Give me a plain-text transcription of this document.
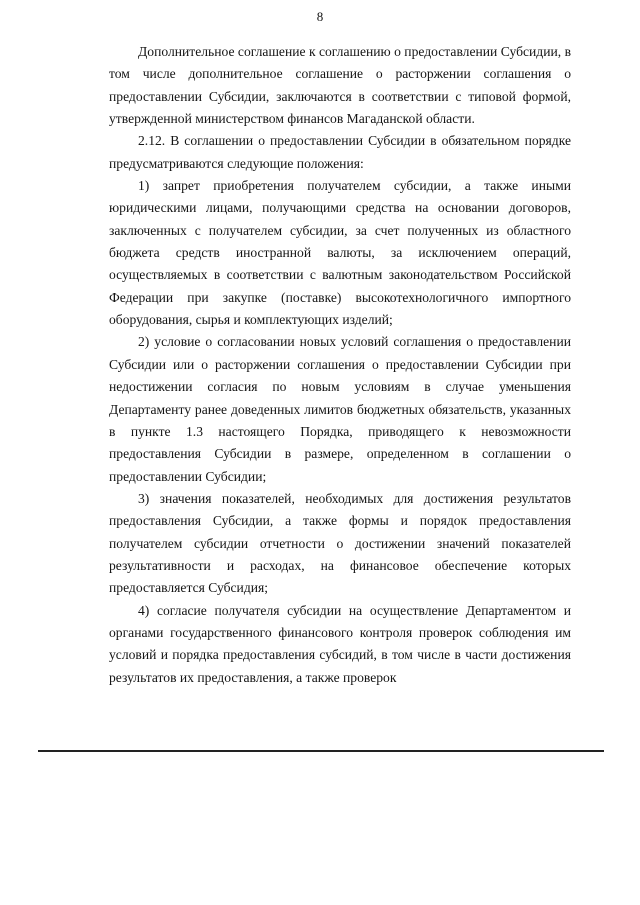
8

Дополнительное соглашение к соглашению о предоставлении Субсидии, в том числе дополнительное соглашение о расторжении соглашения о предоставлении Субсидии, заключаются в соответствии с типовой формой, утвержденной министерством финансов Магаданской области.

2.12. В соглашении о предоставлении Субсидии в обязательном порядке предусматриваются следующие положения:

1) запрет приобретения получателем субсидии, а также иными юридическими лицами, получающими средства на основании договоров, заключенных с получателем субсидии, за счет полученных из областного бюджета средств иностранной валюты, за исключением операций, осуществляемых в соответствии с валютным законодательством Российской Федерации при закупке (поставке) высокотехнологичного импортного оборудования, сырья и комплектующих изделий;

2) условие о согласовании новых условий соглашения о предоставлении Субсидии или о расторжении соглашения о предоставлении Субсидии при недостижении согласия по новым условиям в случае уменьшения Департаменту ранее доведенных лимитов бюджетных обязательств, указанных в пункте 1.3 настоящего Порядка, приводящего к невозможности предоставления Субсидии в размере, определенном в соглашении о предоставлении Субсидии;

3) значения показателей, необходимых для достижения результатов предоставления Субсидии, а также формы и порядок предоставления получателем субсидии отчетности о достижении значений показателей результативности и расходах, на финансовое обеспечение которых предоставляется Субсидия;

4) согласие получателя субсидии на осуществление Департаментом и органами государственного финансового контроля проверок соблюдения им условий и порядка предоставления субсидий, в том числе в части достижения результатов их предоставления, а также проверок
